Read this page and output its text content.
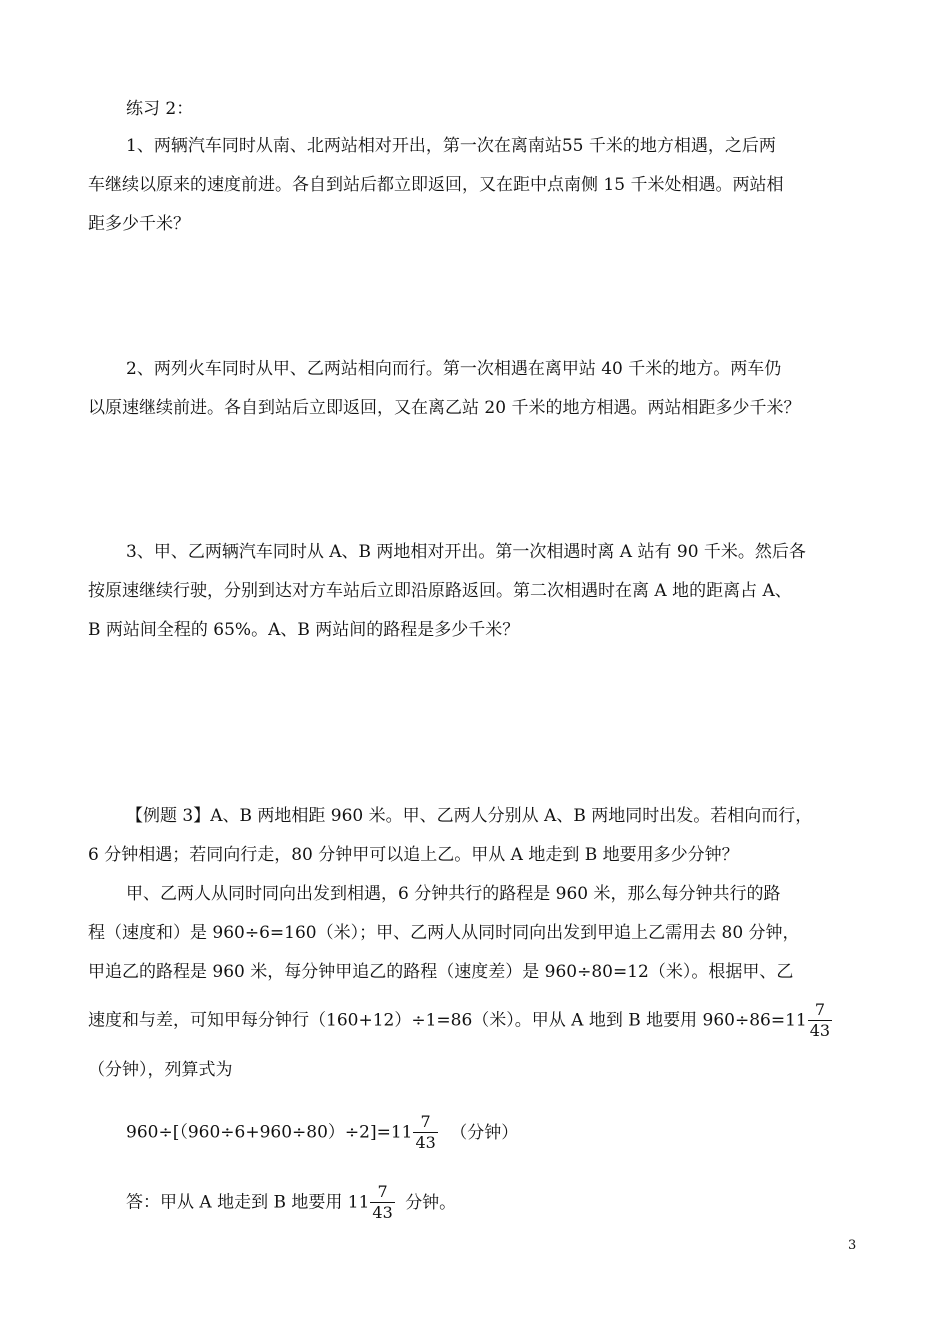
练习 2：
1、两辆汽车同时从南、北两站相对开出，第一次在离南站55 千米的地方相遇，之后两
车继续以原来的速度前进。各自到站后都立即返回，又在距中点南侧 15 千米处相遇。两站相
距多少千米？
2、两列火车同时从甲、乙两站相向而行。第一次相遇在离甲站 40 千米的地方。两车仍
以原速继续前进。各自到站后立即返回，又在离乙站 20 千米的地方相遇。两站相距多少千米？
3、甲、乙两辆汽车同时从 A、B 两地相对开出。第一次相遇时离 A 站有 90 千米。然后各
按原速继续行驶，分别到达对方车站后立即沿原路返回。第二次相遇时在离 A 地的距离占 A、
B 两站间全程的 65%。A、B 两站间的路程是多少千米？
【例题 3】A、B 两地相距 960 米。甲、乙两人分别从 A、B 两地同时出发。若相向而行，
6 分钟相遇；若同向行走，80 分钟甲可以追上乙。甲从 A 地走到 B 地要用多少分钟？
甲、乙两人从同时同向出发到相遇，6 分钟共行的路程是 960 米，那么每分钟共行的路
程（速度和）是 960÷6=160（米）；甲、乙两人从同时同向出发到甲追上乙需用去 80 分钟，
甲追乙的路程是 960 米，每分钟甲追乙的路程（速度差）是 960÷80=12（米）。根据甲、乙
速度和与差，可知甲每分钟行（160+12）÷1=86（米）。甲从 A 地到 B 地要用 $960\div 86=11 \frac{7}{43}$
（分钟），列算式为
$960\div[(960\div 6+960\div 80)\div 2]=11 \frac{7}{43}$ （分钟）
答：甲从 A 地走到 B 地要用 $11 \frac{7}{43}$ 分钟。
3
